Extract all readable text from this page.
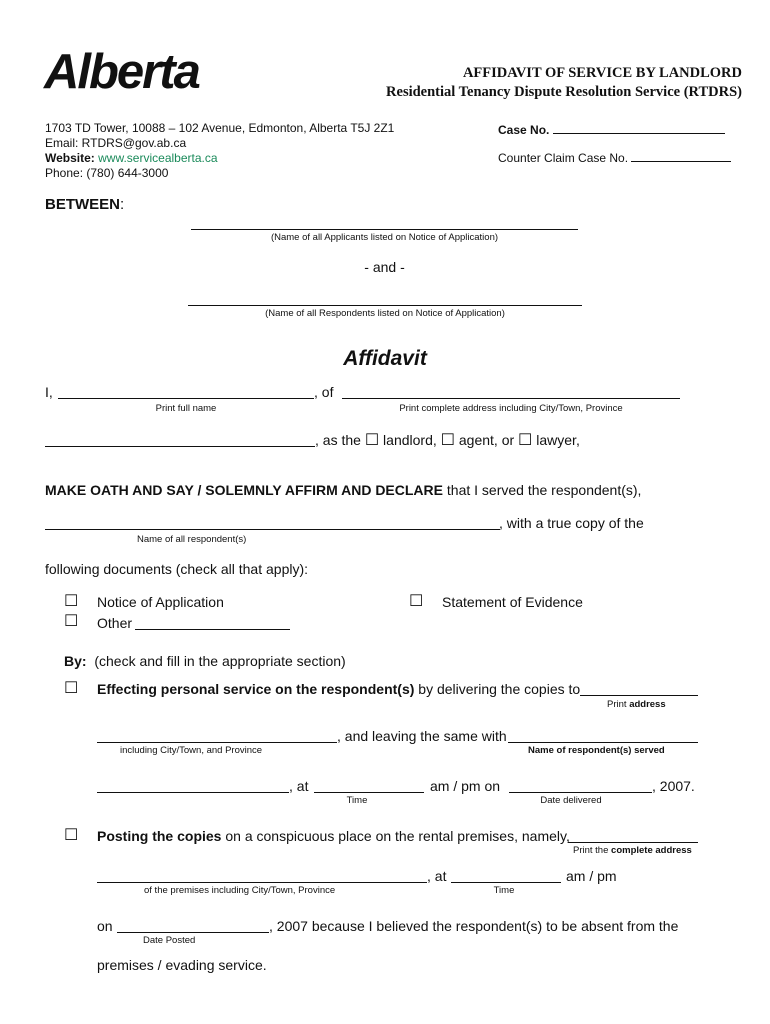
Alberta	AFFIDAVIT OF SERVICE BY LANDLORD
Residential Tenancy Dispute Resolution Service (RTDRS)
1703 TD Tower, 10088 – 102 Avenue, Edmonton, Alberta T5J 2Z1
Email: RTDRS@gov.ab.ca
Website: www.servicealberta.ca
Phone: (780) 644-3000
Case No.
Counter Claim Case No.
BETWEEN:
(Name of all Applicants listed on Notice of Application)
- and -
(Name of all Respondents listed on Notice of Application)
Affidavit
I,	, of
Print full name	Print complete address including City/Town, Province
, as the ☐ landlord, ☐ agent, or ☐ lawyer,
MAKE OATH AND SAY / SOLEMNLY AFFIRM AND DECLARE that I served the respondent(s),
, with a true copy of the
Name of all respondent(s)
following documents (check all that apply):
☐ Notice of Application	☐ Statement of Evidence
☐ Other
By: (check and fill in the appropriate section)
☐ Effecting personal service on the respondent(s) by delivering the copies to
Print address
, and leaving the same with
including City/Town, and Province	Name of respondent(s) served
, at	am / pm on	, 2007.
Time	Date delivered
☐ Posting the copies on a conspicuous place on the rental premises, namely,
Print the complete address
, at	am / pm
of the premises including City/Town, Province	Time
on	, 2007 because I believed the respondent(s) to be absent from the
Date Posted
premises / evading service.
